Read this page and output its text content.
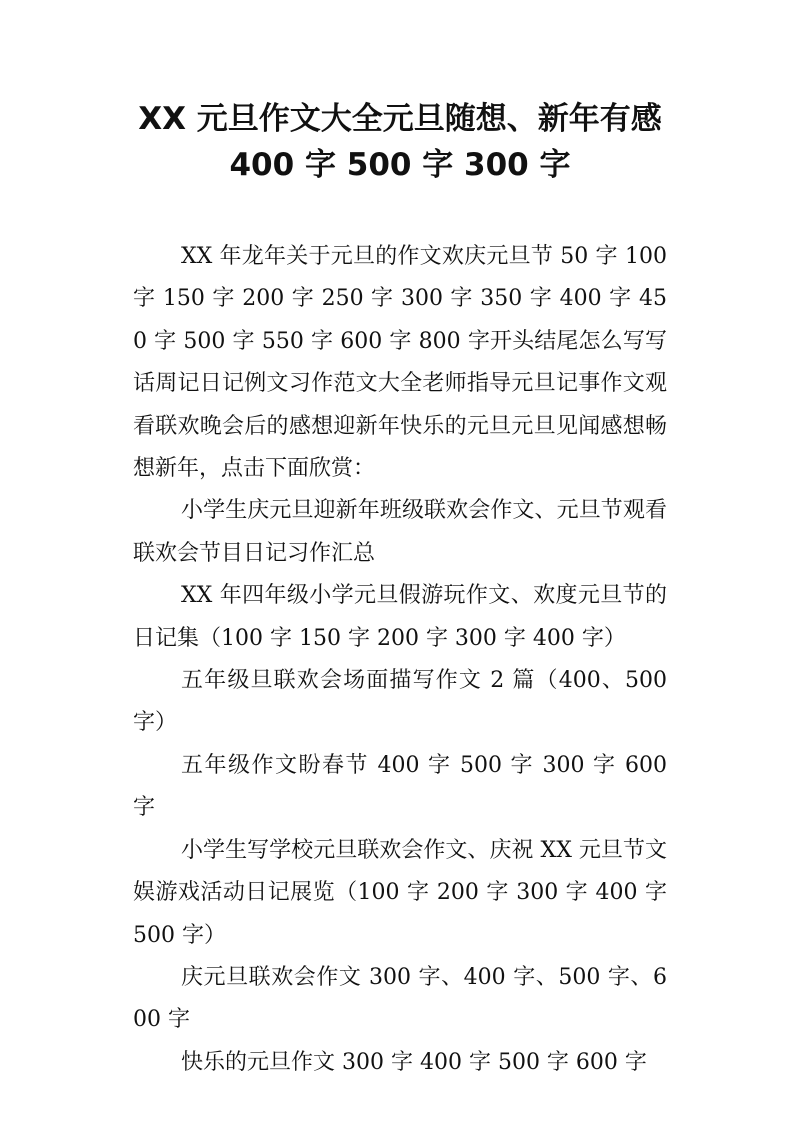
XX 元旦作文大全元旦随想、新年有感
400 字 500 字 300 字

XX 年龙年关于元旦的作文欢庆元旦节 50 字 100 字 150 字 200 字 250 字 300 字 350 字 400 字 450 字 500 字 550 字 600 字 800 字开头结尾怎么写写话周记日记例文习作范文大全老师指导元旦记事作文观看联欢晚会后的感想迎新年快乐的元旦元旦见闻感想畅想新年，点击下面欣赏：

小学生庆元旦迎新年班级联欢会作文、元旦节观看联欢会节目日记习作汇总

XX 年四年级小学元旦假游玩作文、欢度元旦节的日记集（100 字 150 字 200 字 300 字 400 字）

五年级旦联欢会场面描写作文 2 篇（400、500 字）

五年级作文盼春节 400 字 500 字 300 字 600 字

小学生写学校元旦联欢会作文、庆祝 XX 元旦节文娱游戏活动日记展览（100 字 200 字 300 字 400 字 500 字）

庆元旦联欢会作文 300 字、400 字、500 字、600 字

快乐的元旦作文 300 字 400 字 500 字 600 字
